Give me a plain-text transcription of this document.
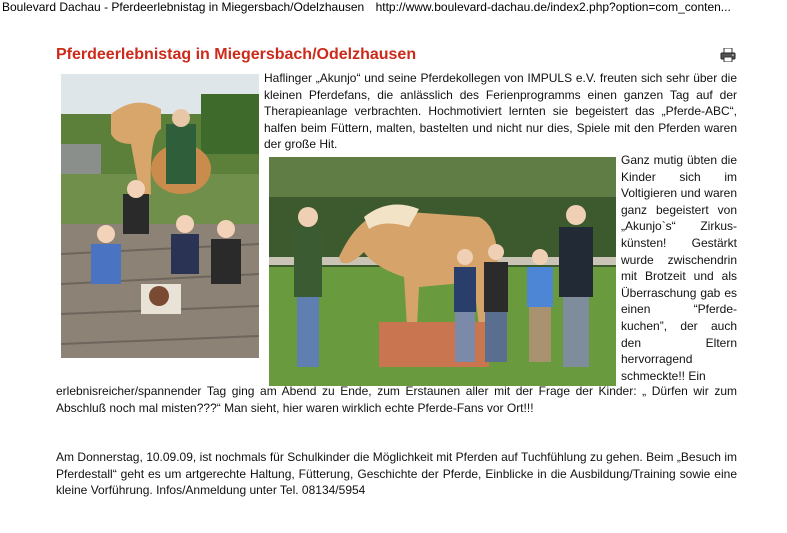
Boulevard Dachau - Pferdeerlebnistag in Miegersbach/Odelzhausen http://www.boulevard-dachau.de/index2.php?option=com_conten...
Pferdeerlebnistag in Miegersbach/Odelzhausen

Haflinger „Akunjo“ und seine Pferdekollegen von IMPULS e.V. freuten sich sehr über die kleinen Pferdefans, die anlässlich des Ferienprogramms einen ganzen Tag auf der Therapieanlage verbrachten. Hochmotiviert lernten sie begeistert das „Pferde-ABC“, halfen beim Füttern, malten, bastelten und nicht nur dies, Spiele mit den Pferden waren der große Hit.

Ganz mutig übten die Kinder sich im Voltigieren und waren ganz begeistert von „Akunjo`s“ Zirkus-künsten! Gestärkt wurde zwischendrin mit Brotzeit und als Überraschung gab es einen “Pferde-kuchen”, der auch den Eltern hervorragend schmeckte!! Ein

erlebnisreicher/spannender Tag ging am Abend zu Ende, zum Erstaunen aller mit der Frage der Kinder: „ Dürfen wir zum Abschluß noch mal misten???“ Man sieht, hier waren wirklich echte Pferde-Fans vor Ort!!!

Am Donnerstag, 10.09.09, ist nochmals für Schulkinder die Möglichkeit mit Pferden auf Tuchfühlung zu gehen. Beim „Besuch im Pferdestall“ geht es um artgerechte Haltung, Fütterung, Geschichte der Pferde, Einblicke in die Ausbildung/Training sowie eine kleine Vorführung. Infos/Anmeldung unter Tel. 08134/5954
